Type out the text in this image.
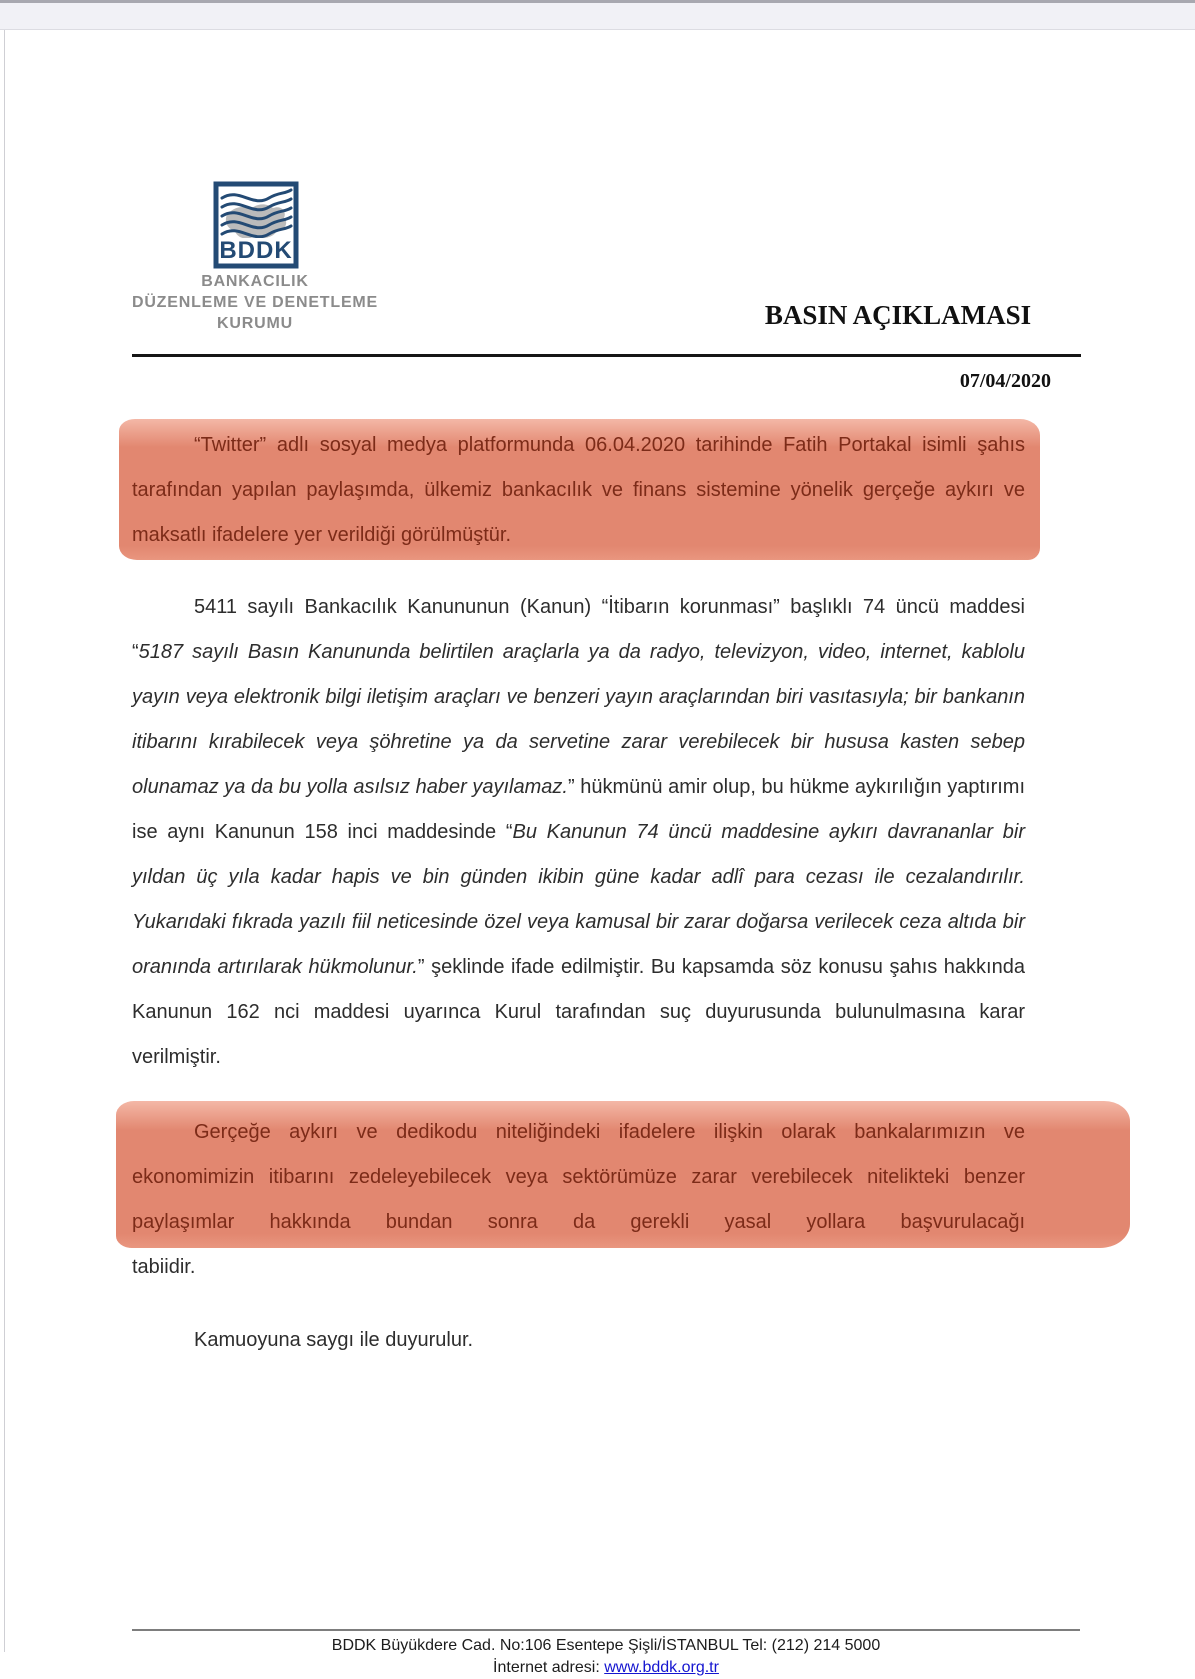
BDDK
BANKACILIK
DÜZENLEME VE DENETLEME
KURUMU	BASIN AÇIKLAMASI
07/04/2020

“Twitter” adlı sosyal medya platformunda 06.04.2020 tarihinde Fatih Portakal isimli şahıs tarafından yapılan paylaşımda, ülkemiz bankacılık ve finans sistemine yönelik gerçeğe aykırı ve maksatlı ifadelere yer verildiği görülmüştür.

5411 sayılı Bankacılık Kanununun (Kanun) “İtibarın korunması” başlıklı 74 üncü maddesi “5187 sayılı Basın Kanununda belirtilen araçlarla ya da radyo, televizyon, video, internet, kablolu yayın veya elektronik bilgi iletişim araçları ve benzeri yayın araçlarından biri vasıtasıyla; bir bankanın itibarını kırabilecek veya şöhretine ya da servetine zarar verebilecek bir hususa kasten sebep olunamaz ya da bu yolla asılsız haber yayılamaz.” hükmünü amir olup, bu hükme aykırılığın yaptırımı ise aynı Kanunun 158 inci maddesinde “Bu Kanunun 74 üncü maddesine aykırı davrananlar bir yıldan üç yıla kadar hapis ve bin günden ikibin güne kadar adlî para cezası ile cezalandırılır. Yukarıdaki fıkrada yazılı fiil neticesinde özel veya kamusal bir zarar doğarsa verilecek ceza altıda bir oranında artırılarak hükmolunur.” şeklinde ifade edilmiştir. Bu kapsamda söz konusu şahıs hakkında Kanunun 162 nci maddesi uyarınca Kurul tarafından suç duyurusunda bulunulmasına karar verilmiştir.

Gerçeğe aykırı ve dedikodu niteliğindeki ifadelere ilişkin olarak bankalarımızın ve ekonomimizin itibarını zedeleyebilecek veya sektörümüze zarar verebilecek nitelikteki benzer paylaşımlar hakkında bundan sonra da gerekli yasal yollara başvurulacağı

tabiidir.

Kamuoyuna saygı ile duyurulur.

BDDK Büyükdere Cad. No:106 Esentepe Şişli/İSTANBUL Tel: (212) 214 5000
İnternet adresi: www.bddk.org.tr
